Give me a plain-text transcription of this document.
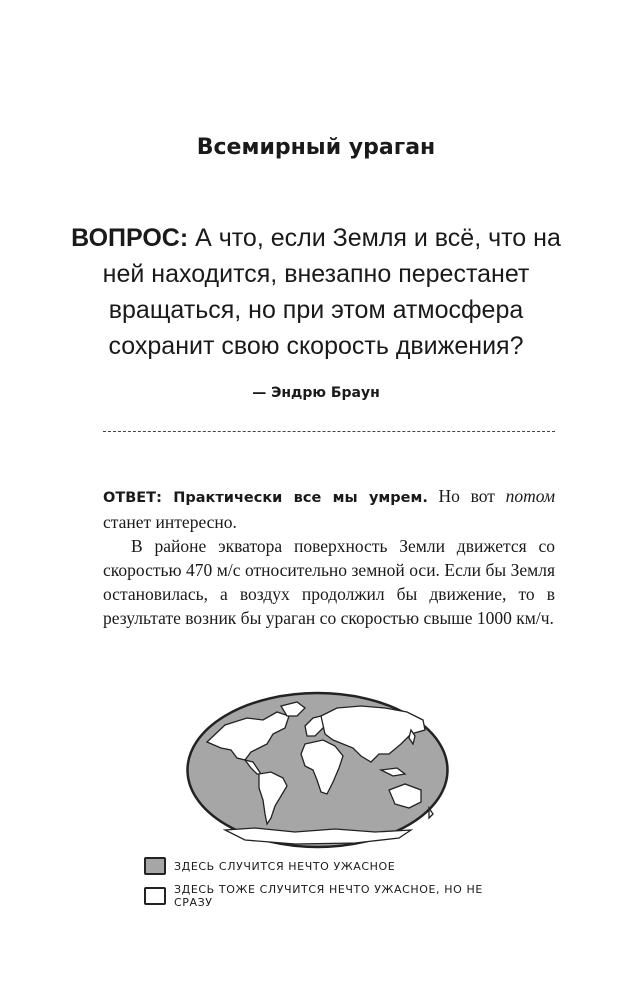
Всемирный ураган
ВОПРОС: А что, если Земля и всё, что на ней находится, внезапно перестанет вращаться, но при этом атмосфера сохранит свою скорость движения?
— Эндрю Браун

ОТВЕТ: Практически все мы умрем. Но вот потом станет интересно.

В районе экватора поверхность Земли движется со скоростью 470 м/с относительно земной оси. Если бы Земля остановилась, а воздух продолжил бы движение, то в результате возник бы ураган со скоростью свыше 1000 км/ч.

ЗДЕСЬ СЛУЧИТСЯ НЕЧТО УЖАСНОЕ
ЗДЕСЬ ТОЖЕ СЛУЧИТСЯ НЕЧТО УЖАСНОЕ, НО НЕ СРАЗУ
